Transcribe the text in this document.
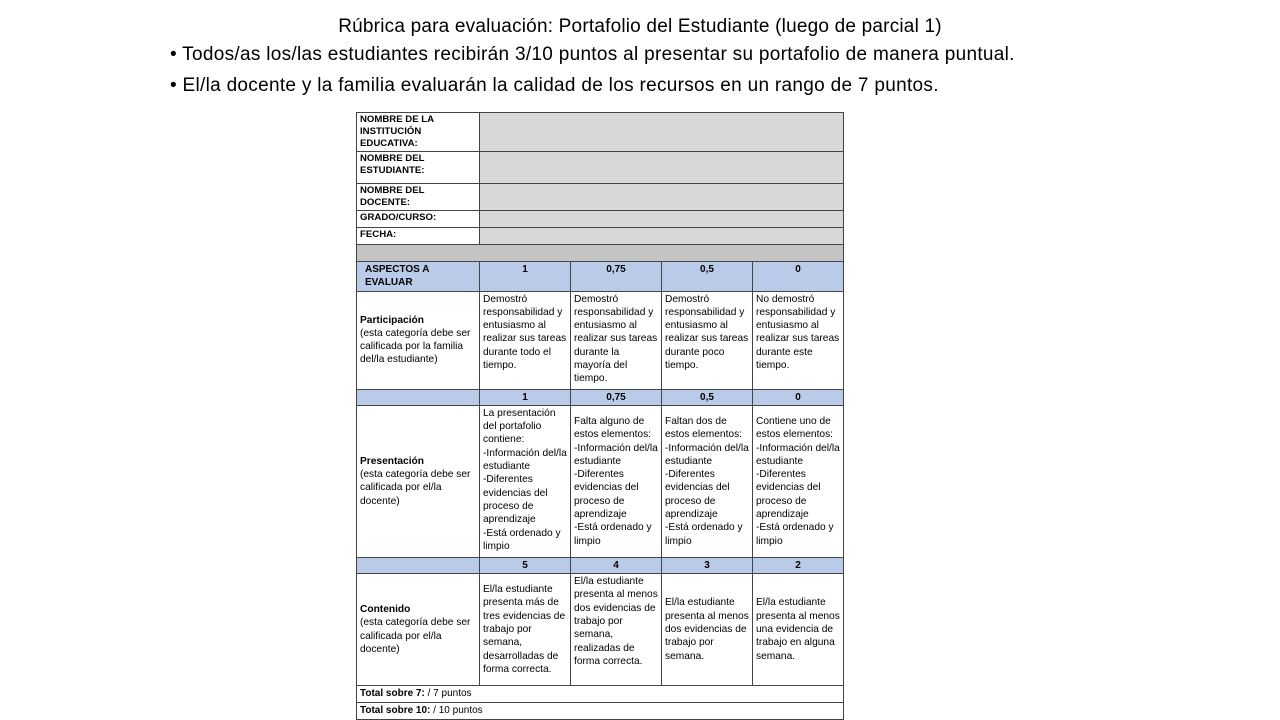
Rúbrica para evaluación: Portafolio del Estudiante (luego de parcial 1)
• Todos/as los/las estudiantes recibirán 3/10 puntos al presentar su portafolio de manera puntual.
• El/la docente y la familia evaluarán la calidad de los recursos en un rango de 7 puntos.
NOMBRE DE LA INSTITUCIÓN EDUCATIVA:				
NOMBRE DEL ESTUDIANTE:				
NOMBRE DEL DOCENTE:				
GRADO/CURSO:				
FECHA:				

ASPECTOS A EVALUAR	1	0,75	0,5	0

Participación
(esta categoría debe ser calificada por la familia del/la estudiante)	Demostró responsabilidad y entusiasmo al realizar sus tareas durante todo el tiempo.	Demostró responsabilidad y entusiasmo al realizar sus tareas durante la mayoría del tiempo.	Demostró responsabilidad y entusiasmo al realizar sus tareas durante poco tiempo.	No demostró responsabilidad y entusiasmo al realizar sus tareas durante este tiempo.
	1	0,75	0,5	0

Presentación
(esta categoría debe ser calificada por el/la docente)	La presentación del portafolio contiene:
-Información del/la estudiante
-Diferentes evidencias del proceso de aprendizaje
-Está ordenado y limpio	Falta alguno de estos elementos:
-Información del/la estudiante
-Diferentes evidencias del proceso de aprendizaje
-Está ordenado y limpio	Faltan dos de estos elementos:
-Información del/la estudiante
-Diferentes evidencias del proceso de aprendizaje
-Está ordenado y limpio	Contiene uno de estos elementos:
-Información del/la estudiante
-Diferentes evidencias del proceso de aprendizaje
-Está ordenado y limpio
	5	4	3	2

Contenido
(esta categoría debe ser calificada por el/la docente)	El/la estudiante presenta más de tres evidencias de trabajo por semana, desarrolladas de forma correcta.	El/la estudiante presenta al menos dos evidencias de trabajo por semana, realizadas de forma correcta.	El/la estudiante presenta al menos dos evidencias de trabajo por semana.	El/la estudiante presenta al menos una evidencia de trabajo en alguna semana.
Total sobre 7: / 7 puntos				
Total sobre 10: / 10 puntos				
